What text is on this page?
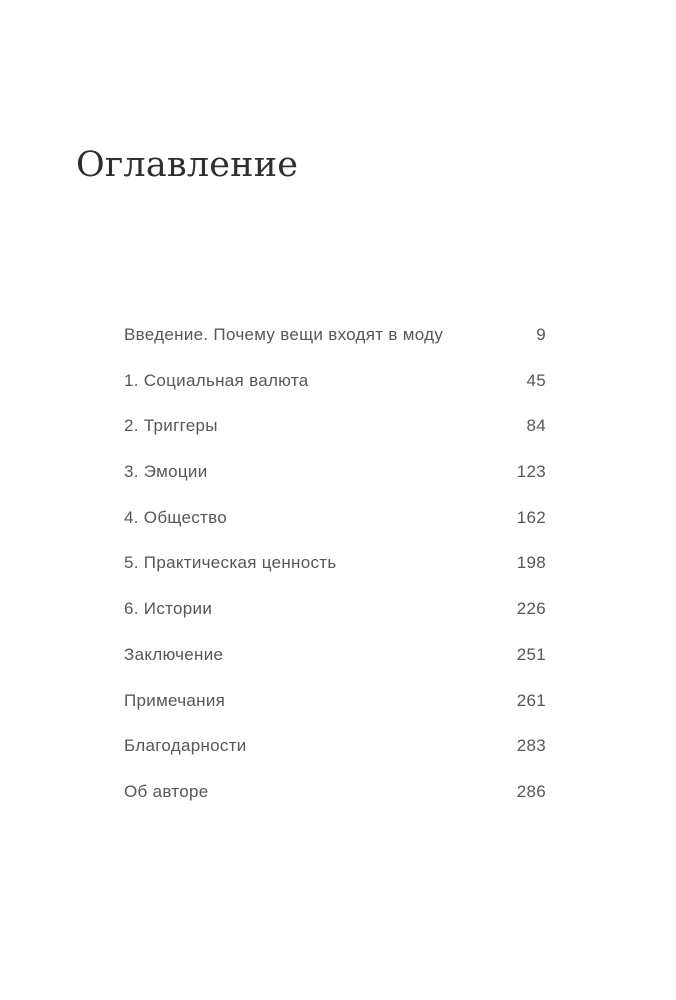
Оглавление
Введение. Почему вещи входят в моду	9
1. Социальная валюта	45
2. Триггеры	84
3. Эмоции	123
4. Общество	162
5. Практическая ценность	198
6. Истории	226
Заключение	251
Примечания	261
Благодарности	283
Об авторе	286
